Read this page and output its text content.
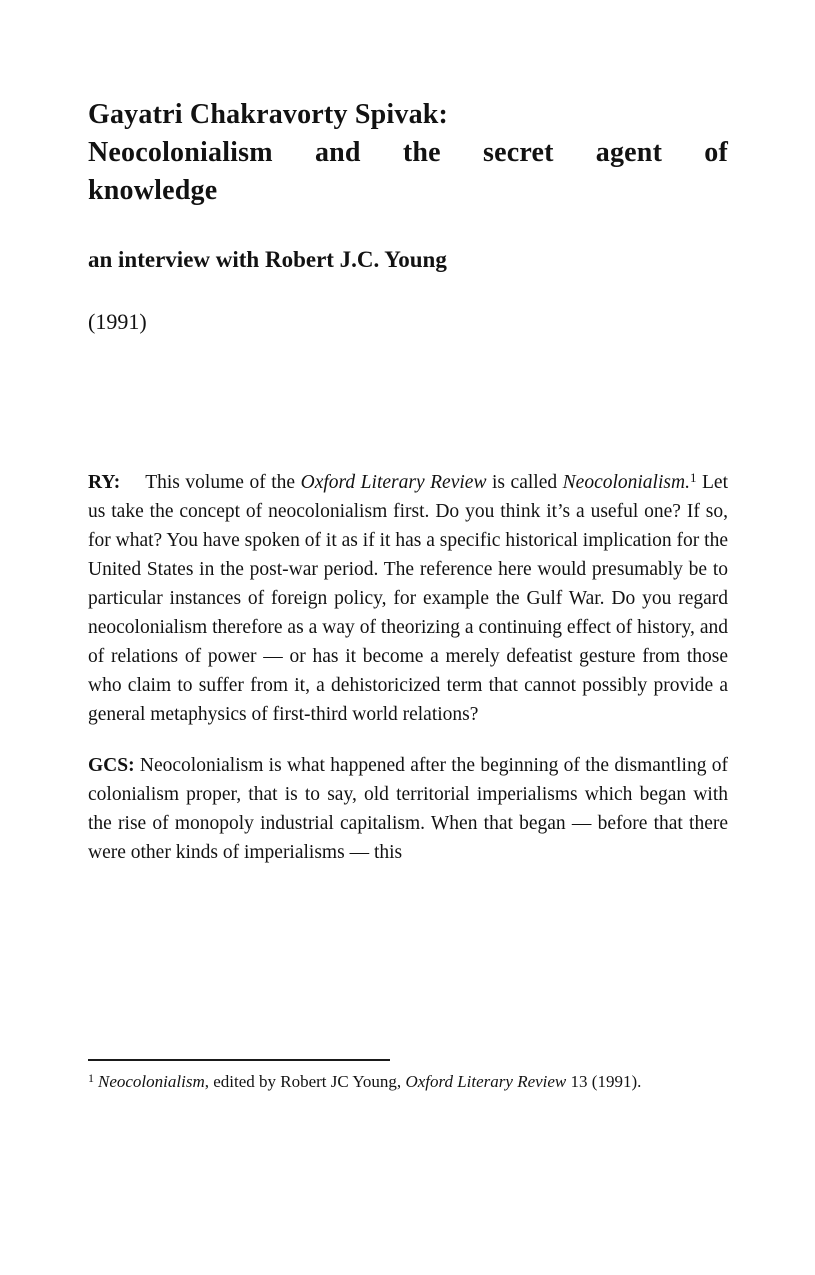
Gayatri Chakravorty Spivak:
Neocolonialism and the secret agent of
knowledge
an interview with Robert J.C. Young
(1991)

RY: This volume of the Oxford Literary Review is called Neocolonialism.$^1$ Let us take the concept of neocolonialism first. Do you think it’s a useful one? If so, for what? You have spoken of it as if it has a specific historical implication for the United States in the post-war period. The reference here would presumably be to particular instances of foreign policy, for example the Gulf War. Do you regard neocolonialism therefore as a way of theorizing a continuing effect of history, and of relations of power — or has it become a merely defeatist gesture from those who claim to suffer from it, a dehistoricized term that cannot possibly provide a general metaphysics of first-third world relations?

GCS: Neocolonialism is what happened after the beginning of the dismantling of colonialism proper, that is to say, old territorial imperialisms which began with the rise of monopoly industrial capitalism. When that began — before that there were other kinds of imperialisms — this

$^1$ Neocolonialism, edited by Robert JC Young, Oxford Literary Review 13 (1991).
